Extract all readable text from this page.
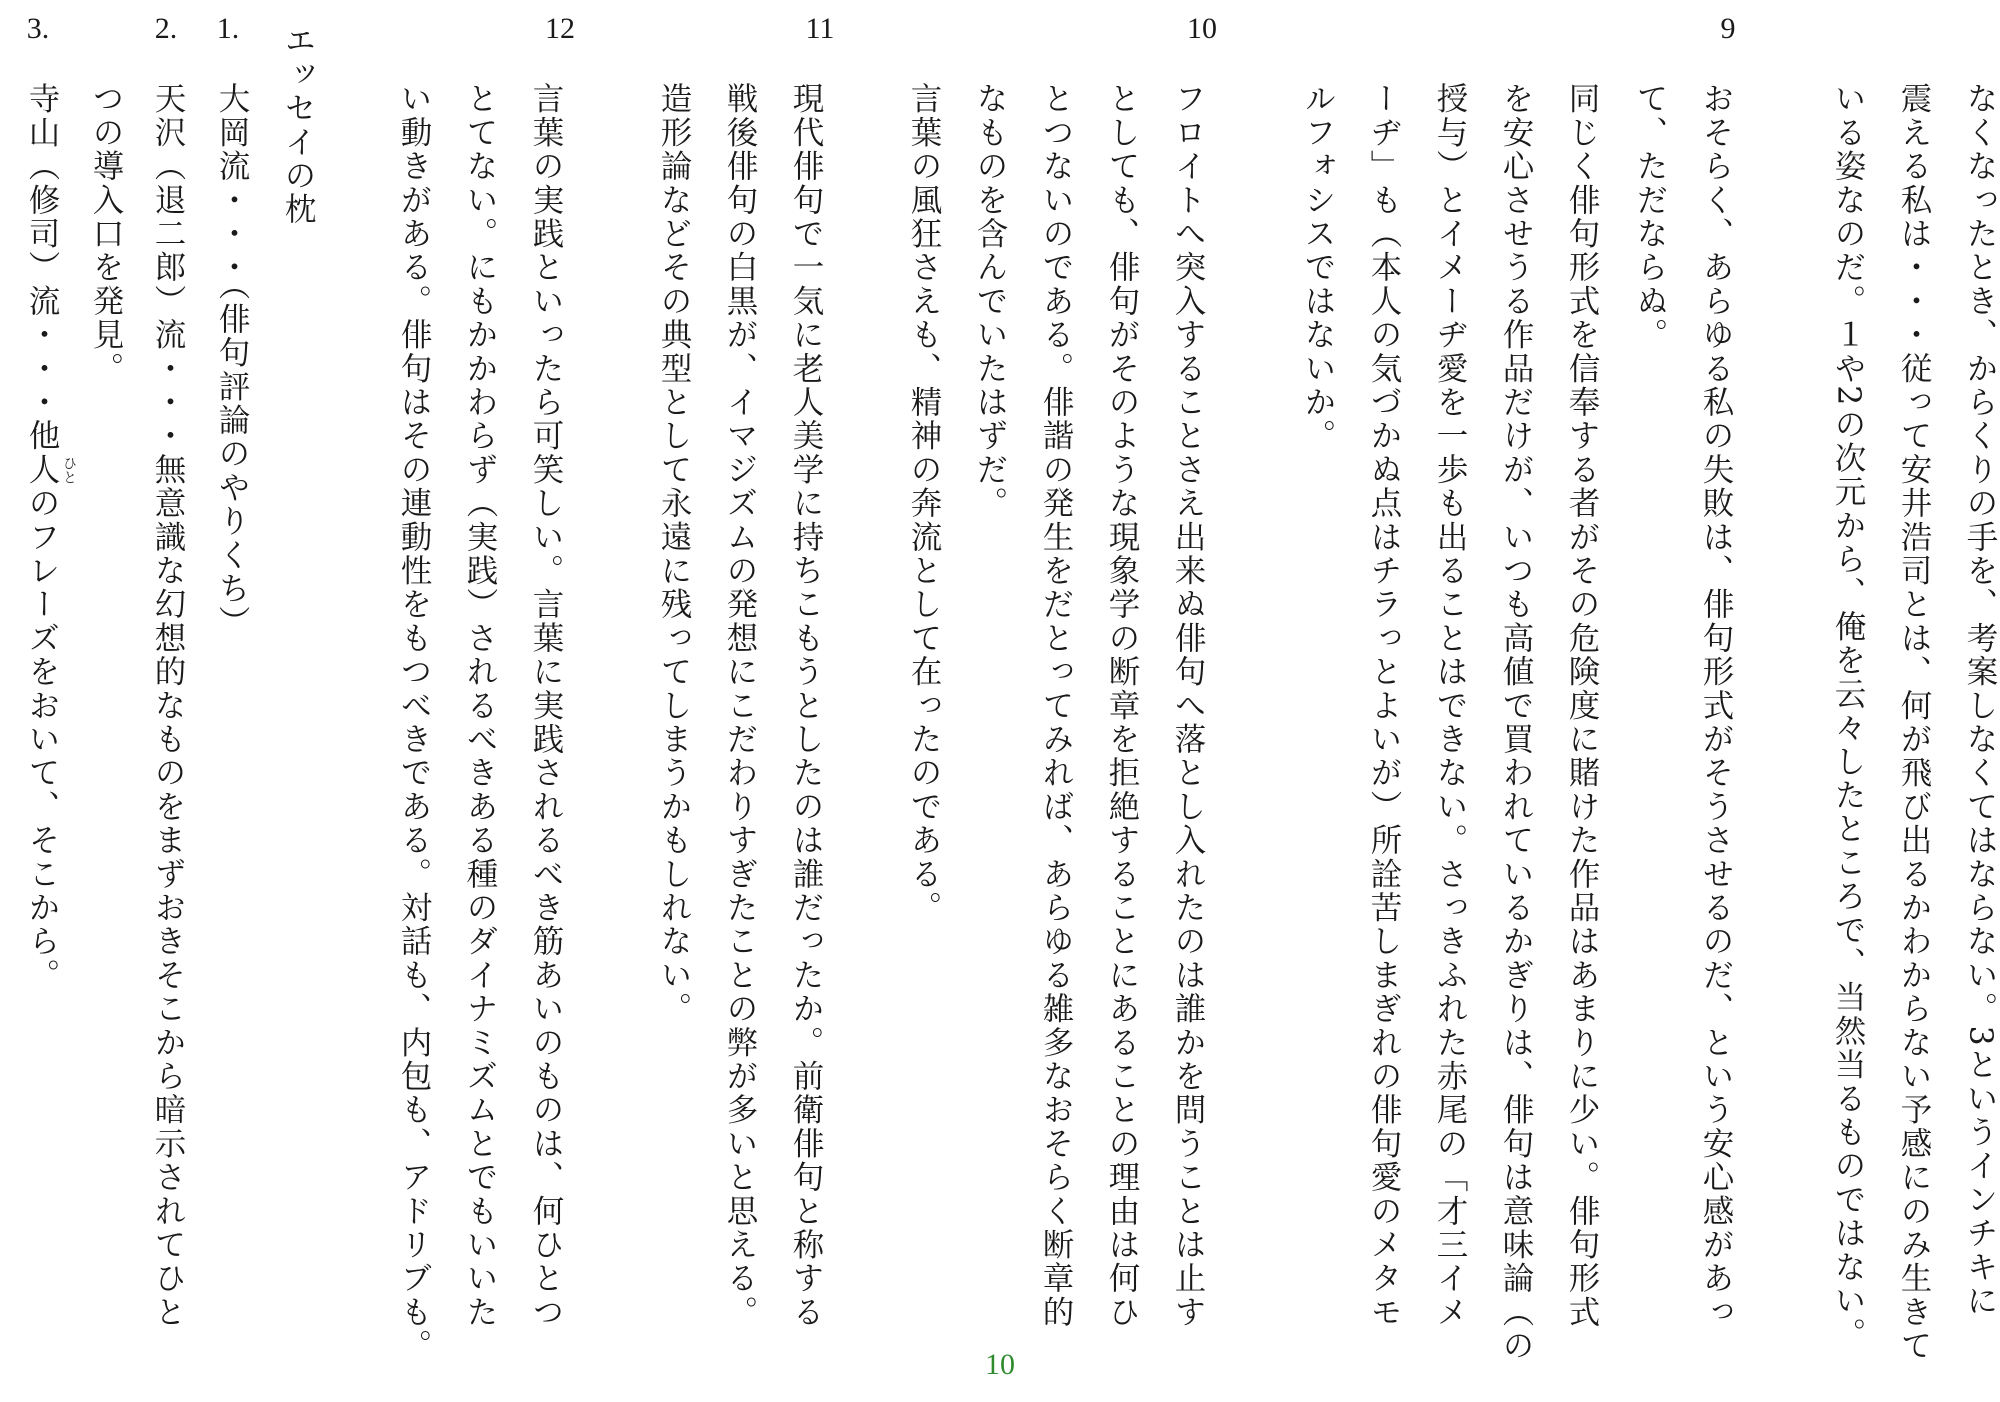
9
10
11
12
なくなったとき、からくりの手を、考案しなくてはならない。3というインチキに
震える私は・・・従って安井浩司とは、何が飛び出るかわからない予感にのみ生きて
いる姿なのだ。１や2の次元から、俺を云々したところで、当然当るものではない。
おそらく、あらゆる私の失敗は、俳句形式がそうさせるのだ、という安心感があっ
て、ただならぬ。
同じく俳句形式を信奉する者がその危険度に賭けた作品はあまりに少い。俳句形式
を安心させうる作品だけが、いつも高値で買われているかぎりは、俳句は意味論（の
授与）とイメーヂ愛を一歩も出ることはできない。さっきふれた赤尾の「才三イメ
ーヂ」も（本人の気づかぬ点はチラっとよいが）所詮苦しまぎれの俳句愛のメタモ
ルフォシスではないか。
フロイトへ突入することさえ出来ぬ俳句へ落とし入れたのは誰かを問うことは止す
としても、俳句がそのような現象学の断章を拒絶することにあることの理由は何ひ
とつないのである。俳諧の発生をだとってみれば、あらゆる雑多なおそらく断章的
なものを含んでいたはずだ。
言葉の風狂さえも、精神の奔流として在ったのである。
現代俳句で一気に老人美学に持ちこもうとしたのは誰だったか。前衛俳句と称する
戦後俳句の白黒が、イマジズムの発想にこだわりすぎたことの弊が多いと思える。
造形論などその典型として永遠に残ってしまうかもしれない。
言葉の実践といったら可笑しい。言葉に実践されるべき筋あいのものは、何ひとつ
とてない。にもかかわらず（実践）されるべきある種のダイナミズムとでもいいた
い動きがある。俳句はその連動性をもつべきである。対話も、内包も、アドリブも。
エッセイの枕
1.
大岡流・・・（俳句評論のやりくち）
2.
天沢（退二郎）流・・・無意識な幻想的なものをまずおきそこから暗示されてひと
つの導入口を発見。
3.
寺山（修司）流・・・他人 ひと
のフレーズをおいて、そこから。
10
